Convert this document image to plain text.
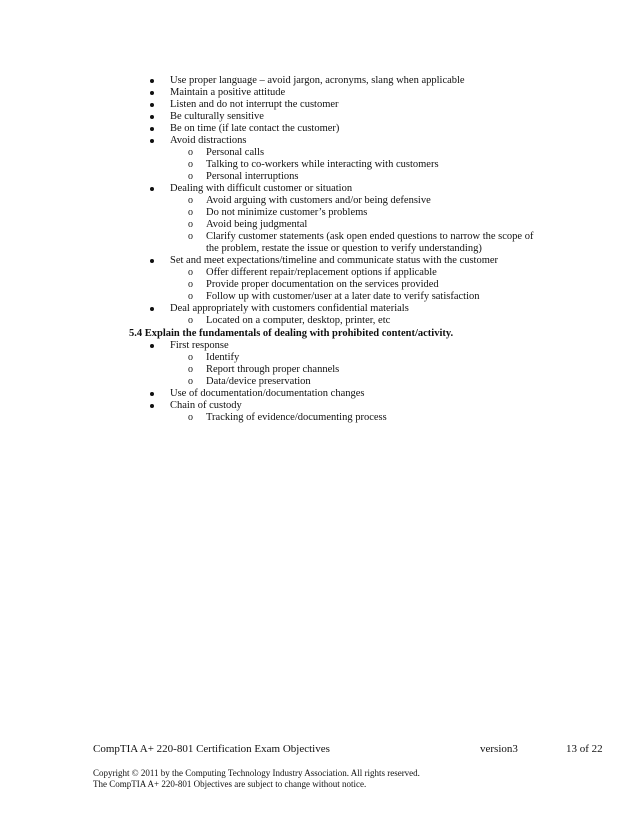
Use proper language – avoid jargon, acronyms, slang when applicable
Maintain a positive attitude
Listen and do not interrupt the customer
Be culturally sensitive
Be on time (if late contact the customer)
Avoid distractions
o Personal calls
o Talking to co-workers while interacting with customers
o Personal interruptions
Dealing with difficult customer or situation
o Avoid arguing with customers and/or being defensive
o Do not minimize customer’s problems
o Avoid being judgmental
o Clarify customer statements (ask open ended questions to narrow the scope of
the problem, restate the issue or question to verify understanding)
Set and meet expectations/timeline and communicate status with the customer
o Offer different repair/replacement options if applicable
o Provide proper documentation on the services provided
o Follow up with customer/user at a later date to verify satisfaction
Deal appropriately with customers confidential materials
o Located on a computer, desktop, printer, etc
5.4 Explain the fundamentals of dealing with prohibited content/activity.
First response
o Identify
o Report through proper channels
o Data/device preservation
Use of documentation/documentation changes
Chain of custody
o Tracking of evidence/documenting process
CompTIA A+ 220-801 Certification Exam Objectives	version3	13 of 22
Copyright © 2011 by the Computing Technology Industry Association. All rights reserved.
The CompTIA A+ 220-801 Objectives are subject to change without notice.
